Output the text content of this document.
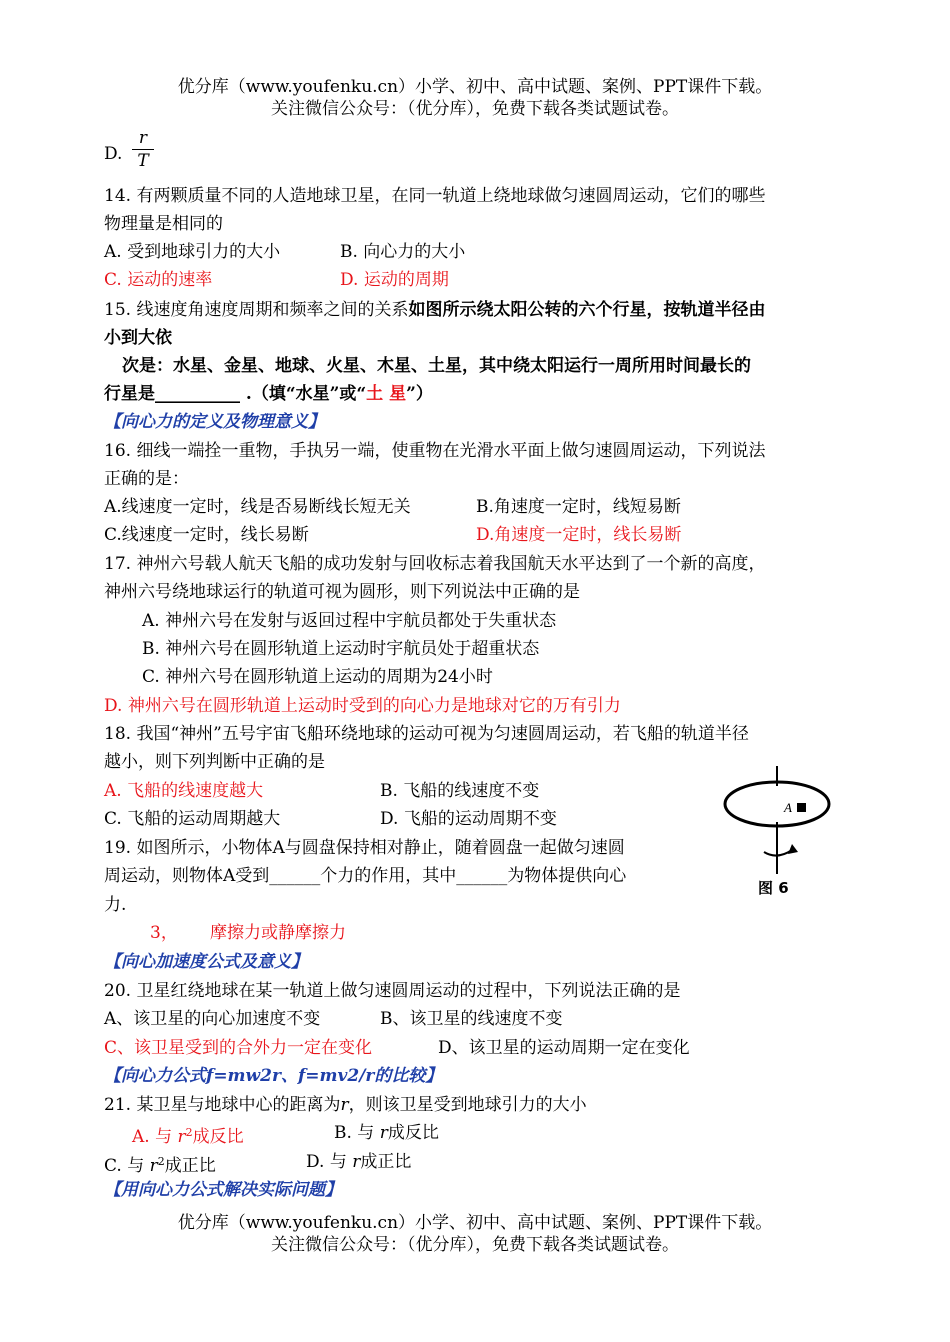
优分库（www.youfenku.cn）小学、初中、高中试题、案例、PPT课件下载。
关注微信公众号：（优分库），免费下载各类试题试卷。
D.
r
T
14. 有两颗质量不同的人造地球卫星，在同一轨道上绕地球做匀速圆周运动，它们的哪些
物理量是相同的
A. 受到地球引力的大小	B. 向心力的大小
C. 运动的速率	D. 运动的周期
15. 线速度角速度周期和频率之间的关系如图所示绕太阳公转的六个行星，按轨道半径由
小到大依
次是：水星、金星、地球、火星、木星、土星，其中绕太阳运行一周所用时间最长的
行星是__________ .（填“水星”或“土 星”）
【向心力的定义及物理意义】
16. 细线一端拴一重物，手执另一端，使重物在光滑水平面上做匀速圆周运动，下列说法
正确的是：
A.线速度一定时，线是否易断线长短无关	B.角速度一定时，线短易断
C.线速度一定时，线长易断	D.角速度一定时，线长易断
17. 神州六号载人航天飞船的成功发射与回收标志着我国航天水平达到了一个新的高度，
神州六号绕地球运行的轨道可视为圆形，则下列说法中正确的是
A. 神州六号在发射与返回过程中宇航员都处于失重状态
B. 神州六号在圆形轨道上运动时宇航员处于超重状态
C. 神州六号在圆形轨道上运动的周期为24小时
D. 神州六号在圆形轨道上运动时受到的向心力是地球对它的万有引力
18. 我国“神州”五号宇宙飞船环绕地球的运动可视为匀速圆周运动，若飞船的轨道半径
越小，则下列判断中正确的是
A. 飞船的线速度越大	B. 飞船的线速度不变
C. 飞船的运动周期越大	D. 飞船的运动周期不变
19. 如图所示，小物体A与圆盘保持相对静止，随着圆盘一起做匀速圆
周运动，则物体A受到______个力的作用，其中______为物体提供向心
力.
3， 摩擦力或静摩擦力
A
图 6
【向心加速度公式及意义】
20. 卫星红绕地球在某一轨道上做匀速圆周运动的过程中，下列说法正确的是
A、该卫星的向心加速度不变	B、该卫星的线速度不变
C、该卫星受到的合外力一定在变化	D、该卫星的运动周期一定在变化
【向心力公式f=mw2r、f=mv2/r的比较】
21. 某卫星与地球中心的距离为r，则该卫星受到地球引力的大小
A. 与 $r^2$成反比	B. 与 r成反比
C. 与 $r^2$成正比	D. 与 r成正比
【用向心力公式解决实际问题】
优分库（www.youfenku.cn）小学、初中、高中试题、案例、PPT课件下载。
关注微信公众号：（优分库），免费下载各类试题试卷。
